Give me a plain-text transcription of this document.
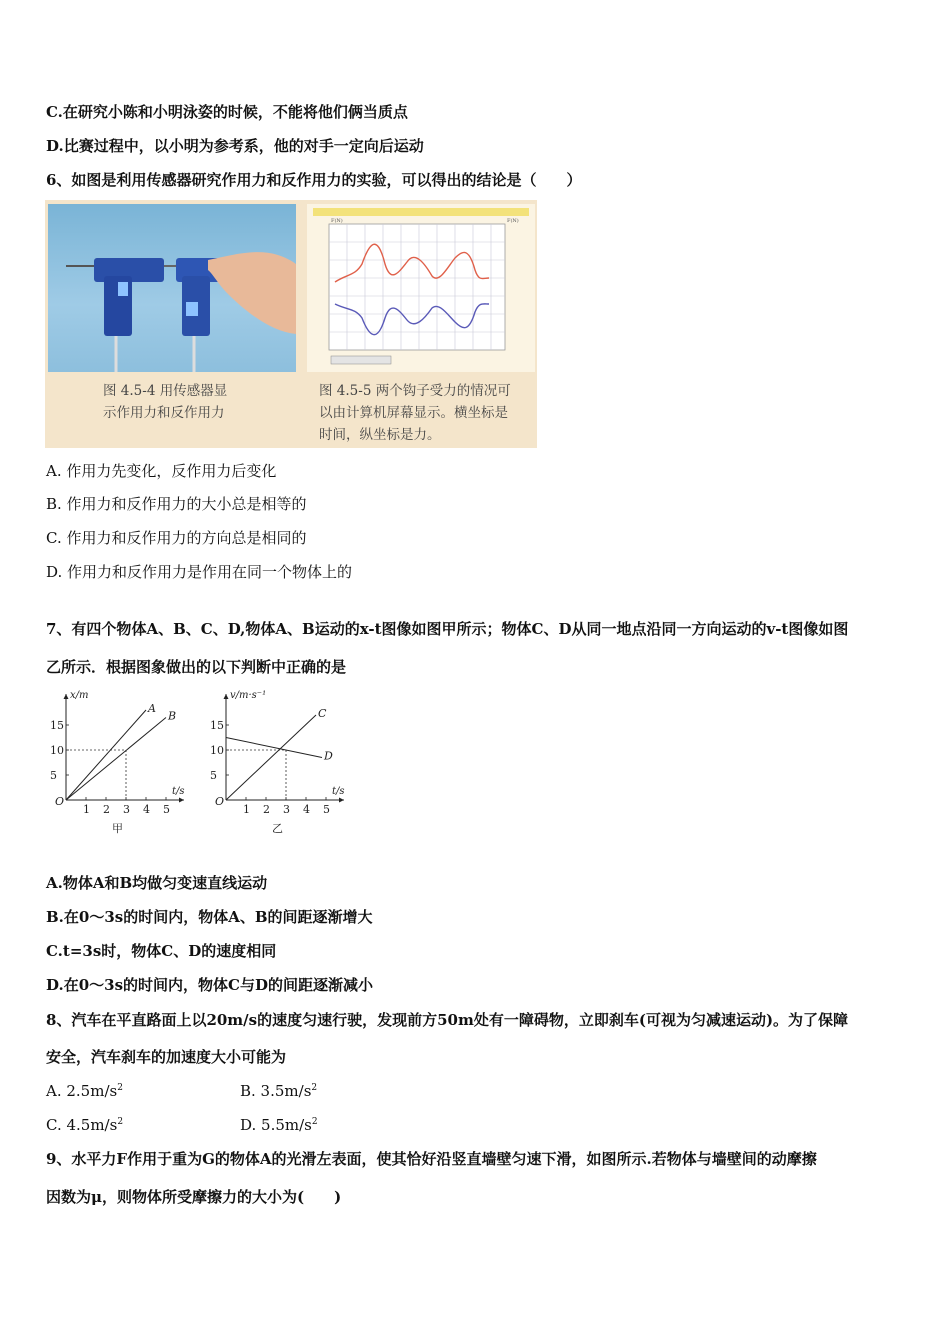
C.在研究小陈和小明泳姿的时候，不能将他们俩当质点
D.比赛过程中，以小明为参考系，他的对手一定向后运动
6、如图是利用传感器研究作用力和反作用力的实验，可以得出的结论是（　　）
F(N)	F(N)
图 4.5-4 用传感器显
示作用力和反作用力
图 4.5-5 两个钩子受力的情况可
以由计算机屏幕显示。横坐标是
时间，纵坐标是力。
A. 作用力先变化，反作用力后变化
B. 作用力和反作用力的大小总是相等的
C. 作用力和反作用力的方向总是相同的
D. 作用力和反作用力是作用在同一个物体上的
7、有四个物体A、B、C、D,物体A、B运动的x-t图像如图甲所示；物体C、D从同一地点沿同一方向运动的v-t图像如图
乙所示．根据图象做出的以下判断中正确的是
1 2 3 4 5
5
10
15
O
x/m
t/s
A
B
甲
1 2 3 4 5
5
10
15
O
v/m·s⁻¹
t/s
C
D
乙
A.物体A和B均做匀变速直线运动
B.在0～3s的时间内，物体A、B的间距逐渐增大
C.t=3s时，物体C、D的速度相同
D.在0～3s的时间内，物体C与D的间距逐渐减小
8、汽车在平直路面上以20m/s的速度匀速行驶，发现前方50m处有一障碍物，立即刹车(可视为匀减速运动)。为了保障
安全，汽车刹车的加速度大小可能为
A. $2.5m/s^2$	B. $3.5m/s^2$
C. $4.5m/s^2$	D. $5.5m/s^2$
9、水平力F作用于重为G的物体A的光滑左表面，使其恰好沿竖直墙壁匀速下滑，如图所示.若物体与墙壁间的动摩擦
因数为μ，则物体所受摩擦力的大小为(　　)
